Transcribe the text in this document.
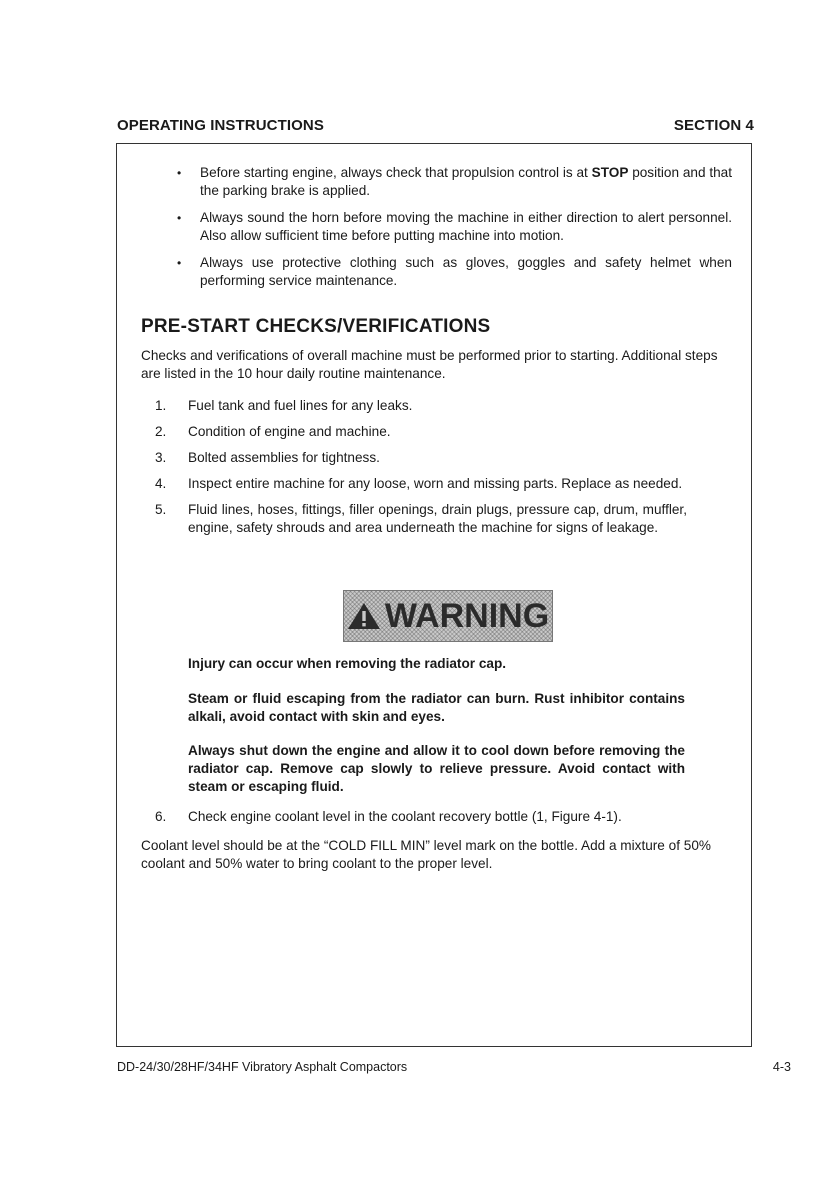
OPERATING INSTRUCTIONS	SECTION 4
• Before starting engine, always check that propulsion control is at STOP position and that the parking brake is applied.
• Always sound the horn before moving the machine in either direction to alert personnel. Also allow sufficient time before putting machine into motion.
• Always use protective clothing such as gloves, goggles and safety helmet when performing service maintenance.
PRE-START CHECKS/VERIFICATIONS

Checks and verifications of overall machine must be performed prior to starting. Additional steps are listed in the 10 hour daily routine maintenance.

1. Fuel tank and fuel lines for any leaks.
2. Condition of engine and machine.
3. Bolted assemblies for tightness.
4. Inspect entire machine for any loose, worn and missing parts. Replace as needed.
5. Fluid lines, hoses, fittings, filler openings, drain plugs, pressure cap, drum, muffler, engine, safety shrouds and area underneath the machine for signs of leakage.
WARNING

Injury can occur when removing the radiator cap.

Steam or fluid escaping from the radiator can burn. Rust inhibitor contains alkali, avoid contact with skin and eyes.

Always shut down the engine and allow it to cool down before removing the radiator cap. Remove cap slowly to relieve pressure. Avoid contact with steam or escaping fluid.

6. Check engine coolant level in the coolant recovery bottle (1, Figure 4-1).

Coolant level should be at the “COLD FILL MIN” level mark on the bottle. Add a mixture of 50% coolant and 50% water to bring coolant to the proper level.

DD-24/30/28HF/34HF Vibratory Asphalt Compactors	4-3
